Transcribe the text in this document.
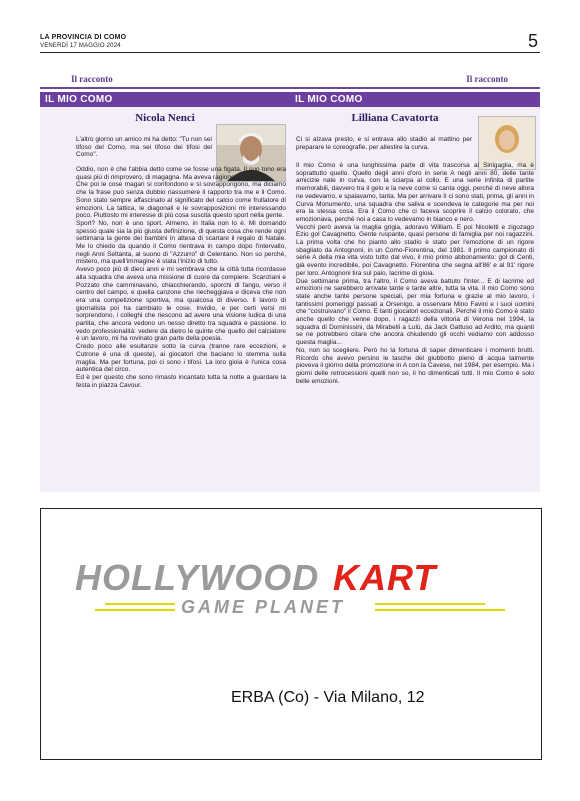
LA PROVINCIA DI COMO
VENERDÌ 17 MAGGIO 2024	5
Il racconto	Il racconto
IL MIO COMO
Nicola Nenci
L'altro giorno un amico mi ha detto: "Tu non sei tifoso del Como, ma sei tifoso dei tifosi del Como".

Oddio, non è che l'abbia detto come se fosse una figata. Il suo tono era quasi più di rimprovero, di magagna. Ma aveva ragione.

Che poi le cose magari si confondono e si sovrappongono, ma diciamo che la frase può senza dubbio riassumere il rapporto tra me e il Como. Sono stato sempre affascinato al significato del calcio come frullatore di emozioni. La tattica, le diagonali e le sovrapposizioni mi interessando poco. Piuttosto mi interesse di più cosa suscita questo sport nella gente.

Sport? No, non è uno sport. Almeno, in Italia non lo è. Mi domando spesso quale sia la più giusta definizione, di questa cosa che rende ogni settimana la gente dei bambini in attesa di scartare il regalo di Natale. Me lo chiedo da quando il Como rientrava in campo dopo l'intervallo, negli Anni Settanta, al suono di "Azzurro" di Celentano. Non so perché, mistero, ma quell'immagine è stata l'inizio di tutto.

Avevo poco più di dieci anni e mi sembrava che la città tutta ricordasse alla squadra che aveva una missione di cuore da compiere. Scanziani e Pozzato che camminavano, chiacchierando, sporchi di fango, verso il centro del campo, e quella canzone che riecheggiava e diceva che non era una competizione sportiva, ma qualcosa di diverso. Il lavoro di giornalista poi ha cambiato le cose. Invidio, e per certi versi mi sorprendono, i colleghi che riescono ad avere una visione ludica di una partita, che ancora vedono un nesso diretto tra squadra e passione. Io vedo professionalità: vedere da dietro le quinte che quello del calciatore è un lavoro, mi ha rovinato gran parte della poesia.

Credo poco alle esultanze sotto la curva (tranne rare eccezioni, e Cutrone è una di queste), ai giocatori che baciano lo stemma sulla maglia. Ma per fortuna, poi ci sono i tifosi. La loro gioia è l'unica cosa autentica del circo.

Ed è per questo che sono rimasto incantato tutta la notte a guardare la festa in piazza Cavour.

IL MIO COMO
Lilliana Cavatorta
Ci si alzava presto, e si entrava allo stadio al mattino per preparare le coreografie, per allestire la curva.

Il mio Como è una lunghissima parte di vita trascorsa al Sinigaglia, ma è soprattutto quello. Quello degli anni d'oro in serie A negli anni 80, delle tante amicizie nate in curva, con la sciarpa al collo. E una serie infinita di partite memorabili, davvero tra il gelo e la neve come si canta oggi, perché di neve allora ne vedevamo, e spalavamo, tanta. Ma per arrivare lì ci sono stati, prima, gli anni in Curva Monumento, una squadra che saliva e scendeva le categorie ma per noi era la stessa cosa. Era il Como che ci faceva scoprire il calcio colorato, che emozionava, perché noi a casa lo vedevamo in bianco e nero.

Vecchi però aveva la maglia grigia, adoravo William. E poi Nicoletti e zigozago Ezio gol Cavagnetto. Gente ruspante, quasi persone di famiglia per noi ragazzini. La prima volta che ho pianto allo stadio è stato per l'emozione di un rigore sbagliato da Antognoni, in un Como-Fiorentina, del 1981. Il primo campionato di serie A della mia vita visto tutto dal vivo, il mio primo abbonamento: gol di Centi, già evento incredibile, poi Cavagnetto. Fiorentina che segna all'86' e al 91' rigore per loro. Antognoni tira sul palo, lacrime di gioia.

Due settimane prima, tra l'altro, il Como aveva battuto l'Inter... E di lacrime ed emozioni ne sarebbero arrivate tante e tante altre, tutta la vita. Il mio Como sono state anche tante persone speciali, per mia fortuna e grazie al mio lavoro, i tantissimi pomeriggi passati a Orsenigo, a osservare Mino Favini e i suoi uomini che "costruivano" il Como. E tanti giocatori eccezionali. Perché il mio Como è stato anche quello che venne dopo, i ragazzi della vittoria di Verona nel 1994, la squadra di Dominissini, da Mirabelli a Lulù, da Jack Gattuso ad Ardito, ma quanti se ne potrebbero citare che ancora chiudendo gli occhi vediamo con addosso questa maglia...

No, non so scegliere. Però ho la fortuna di saper dimenticare i momenti brutti. Ricordo che avevo persino le tasche del giubbotto pieno di acqua talmente pioveva il giorno della promozione in A con la Cavese, nel 1984, per esempio. Ma i giorni delle retrocessioni quelli non so, li ho dimenticati tutti. Il mio Como è solo belle emozioni.

HOLLYWOOD KART
GAME PLANET
ERBA (Co) - Via Milano, 12
